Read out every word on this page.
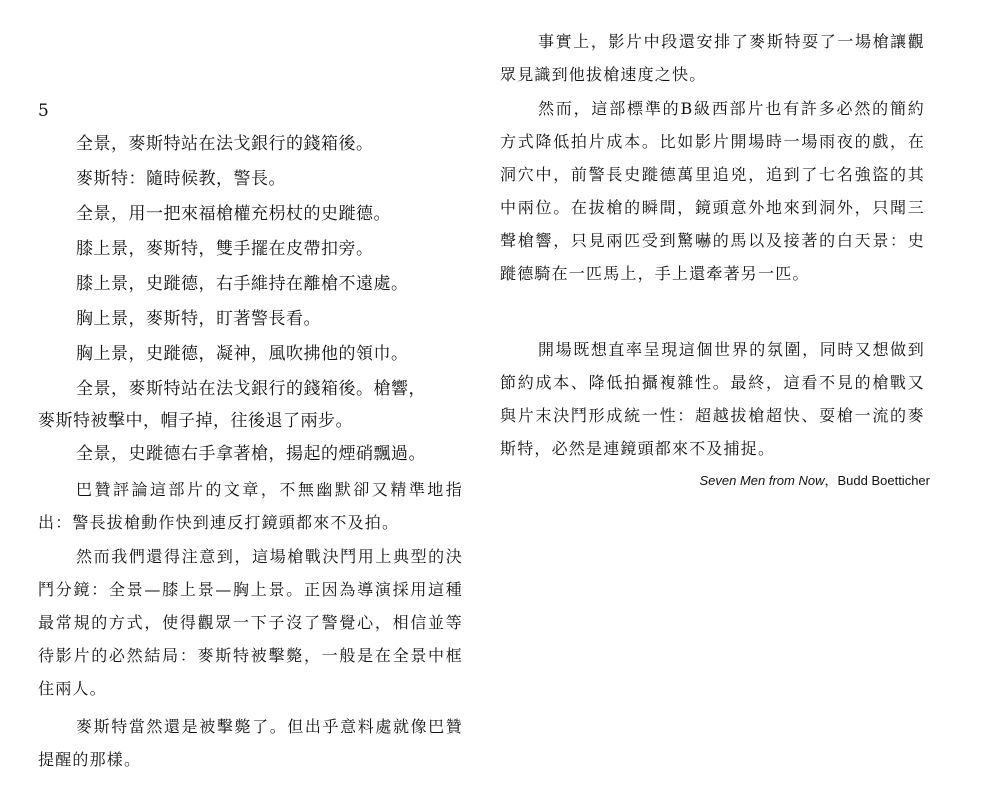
5
全景，麥斯特站在法戈銀行的錢箱後。
麥斯特：隨時候教，警長。
全景，用一把來福槍權充枴杖的史蹝德。
膝上景，麥斯特，雙手擺在皮帶扣旁。
膝上景，史蹝德，右手維持在離槍不遠處。
胸上景，麥斯特，盯著警長看。
胸上景，史蹝德，凝神，風吹拂他的領巾。
全景，麥斯特站在法戈銀行的錢箱後。槍響，
麥斯特被擊中，帽子掉，往後退了兩步。
全景，史蹝德右手拿著槍，揚起的煙硝飄過。
巴贊評論這部片的文章，不無幽默卻又精準地指出：警長拔槍動作快到連反打鏡頭都來不及拍。
然而我們還得注意到，這場槍戰決鬥用上典型的決鬥分鏡：全景—膝上景—胸上景。正因為導演採用這種最常規的方式，使得觀眾一下子沒了警覺心，相信並等待影片的必然結局：麥斯特被擊斃，一般是在全景中框住兩人。
麥斯特當然還是被擊斃了。但出乎意料處就像巴贊提醒的那樣。
事實上，影片中段還安排了麥斯特耍了一場槍讓觀眾見識到他拔槍速度之快。
然而，這部標準的B級西部片也有許多必然的簡約方式降低拍片成本。比如影片開場時一場雨夜的戲，在洞穴中，前警長史蹝德萬里追兇，追到了七名強盜的其中兩位。在拔槍的瞬間，鏡頭意外地來到洞外，只聞三聲槍響，只見兩匹受到驚嚇的馬以及接著的白天景：史蹝德騎在一匹馬上，手上還牽著另一匹。
開場既想直率呈現這個世界的氛圍，同時又想做到節約成本、降低拍攝複雜性。最終，這看不見的槍戰又與片末決鬥形成統一性：超越拔槍超快、耍槍一流的麥斯特，必然是連鏡頭都來不及捕捉。
Seven Men from Now，Budd Boetticher
